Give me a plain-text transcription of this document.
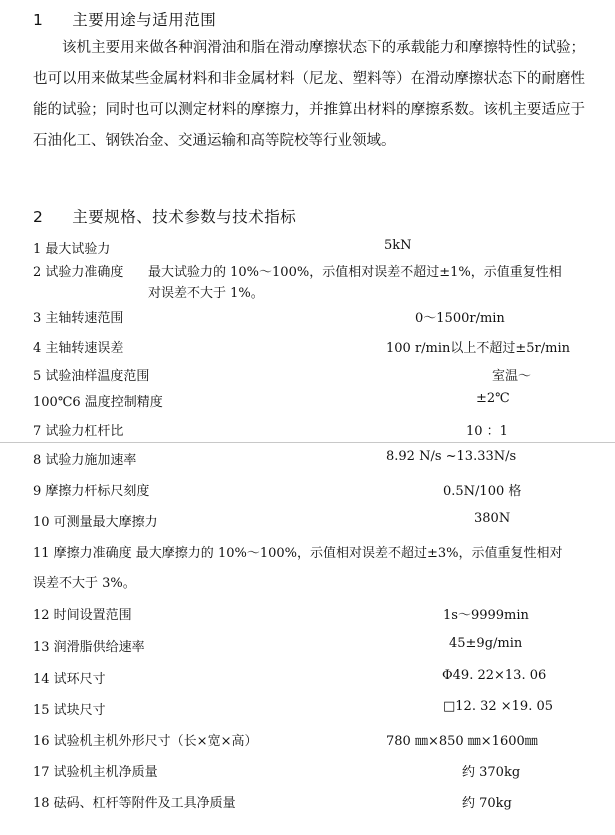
1 主要用途与适用范围
该机主要用来做各种润滑油和脂在滑动摩擦状态下的承载能力和摩擦特性的试验；也可以用来做某些金属材料和非金属材料（尼龙、塑料等）在滑动摩擦状态下的耐磨性能的试验；同时也可以测定材料的摩擦力，并推算出材料的摩擦系数。该机主要适应于石油化工、钢铁冶金、交通运输和高等院校等行业领域。
2 主要规格、技术参数与技术指标
1 最大试验力	5kN
2 试验力准确度 最大试验力的 10%～100%，示值相对误差不超过±1%，示值重复性相
对误差不大于 1%。
3 主轴转速范围	0～1500r/min
4 主轴转速误差	100 r/min以上不超过±5r/min
5 试验油样温度范围	室温～
100℃6 温度控制精度	±2℃
7 试验力杠杆比	10 ：1
8 试验力施加速率	8.92 N/s ~13.33N/s
9 摩擦力杆标尺刻度	0.5N/100 格
10 可测量最大摩擦力	380N
11 摩擦力准确度 最大摩擦力的 10%～100%，示值相对误差不超过±3%，示值重复性相对
误差不大于 3%。
12 时间设置范围	1s～9999min
13 润滑脂供给速率	45±9g/min
14 试环尺寸	Φ49. 22×13. 06
15 试块尺寸	□12. 32 ×19. 05
16 试验机主机外形尺寸（长×宽×高）	780 ㎜×850 ㎜×1600㎜
17 试验机主机净质量	约 370kg
18 砝码、杠杆等附件及工具净质量	约 70kg
